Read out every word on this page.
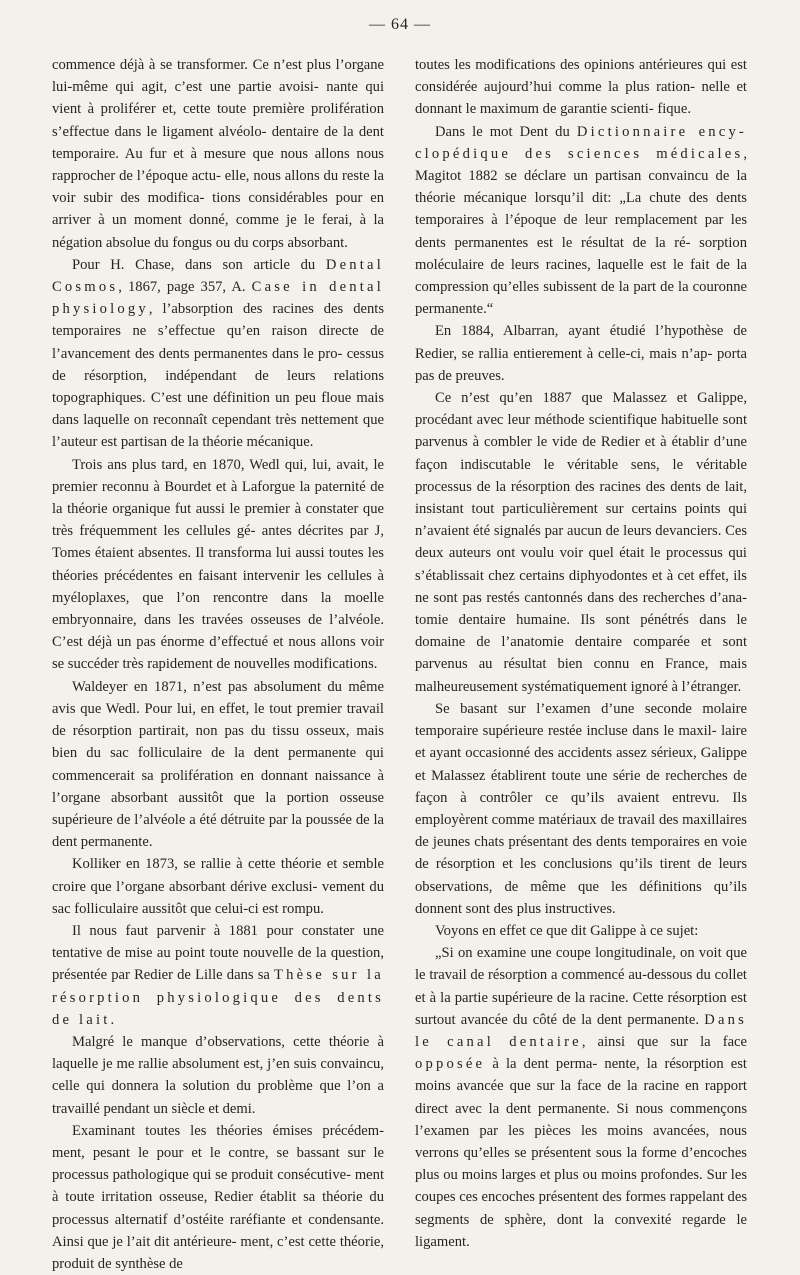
— 64 —

commence déjà à se transformer. Ce n’est plus l’organe lui-même qui agit, c’est une partie avoisi- nante qui vient à proliférer et, cette toute première prolifération s’effectue dans le ligament alvéolo- dentaire de la dent temporaire. Au fur et à mesure que nous allons nous rapprocher de l’époque actu- elle, nous allons du reste la voir subir des modifica- tions considérables pour en arriver à un moment donné, comme je le ferai, à la négation absolue du fongus ou du corps absorbant.

Pour H. Chase, dans son article du Dental Cosmos, 1867, page 357, A. Case in dental physiology, l’absorption des racines des dents temporaires ne s’effectue qu’en raison directe de l’avancement des dents permanentes dans le pro- cessus de résorption, indépendant de leurs relations topographiques. C’est une définition un peu floue mais dans laquelle on reconnaît cependant très nettement que l’auteur est partisan de la théorie mécanique.

Trois ans plus tard, en 1870, Wedl qui, lui, avait, le premier reconnu à Bourdet et à Laforgue la paternité de la théorie organique fut aussi le premier à constater que très fréquemment les cellules gé- antes décrites par J, Tomes étaient absentes. Il transforma lui aussi toutes les théories précédentes en faisant intervenir les cellules à myéloplaxes, que l’on rencontre dans la moelle embryonnaire, dans les travées osseuses de l’alvéole. C’est déjà un pas énorme d’effectué et nous allons voir se succéder très rapidement de nouvelles modifications.

Waldeyer en 1871, n’est pas absolument du même avis que Wedl. Pour lui, en effet, le tout premier travail de résorption partirait, non pas du tissu osseux, mais bien du sac folliculaire de la dent permanente qui commencerait sa prolifération en donnant naissance à l’organe absorbant aussitôt que la portion osseuse supérieure de l’alvéole a été détruite par la poussée de la dent permanente.

Kolliker en 1873, se rallie à cette théorie et semble croire que l’organe absorbant dérive exclusi- vement du sac folliculaire aussitôt que celui-ci est rompu.

Il nous faut parvenir à 1881 pour constater une tentative de mise au point toute nouvelle de la question, présentée par Redier de Lille dans sa Thèse sur la résorption physiologique des dents de lait.

Malgré le manque d’observations, cette théorie à laquelle je me rallie absolument est, j’en suis convaincu, celle qui donnera la solution du problème que l’on a travaillé pendant un siècle et demi.

Examinant toutes les théories émises précédem- ment, pesant le pour et le contre, se bassant sur le processus pathologique qui se produit consécutive- ment à toute irritation osseuse, Redier établit sa théorie du processus alternatif d’ostéite raréfiante et condensante. Ainsi que je l’ait dit antérieure- ment, c’est cette théorie, produit de synthèse de

toutes les modifications des opinions antérieures qui est considérée aujourd’hui comme la plus ration- nelle et donnant le maximum de garantie scienti- fique.

Dans le mot Dent du Dictionnaire ency- clopédique des sciences médicales, Magitot 1882 se déclare un partisan convaincu de la théorie mécanique lorsqu’il dit: „La chute des dents temporaires à l’époque de leur remplacement par les dents permanentes est le résultat de la ré- sorption moléculaire de leurs racines, laquelle est le fait de la compression qu’elles subissent de la part de la couronne permanente.“

En 1884, Albarran, ayant étudié l’hypothèse de Redier, se rallia entierement à celle-ci, mais n’ap- porta pas de preuves.

Ce n’est qu’en 1887 que Malassez et Galippe, procédant avec leur méthode scientifique habituelle sont parvenus à combler le vide de Redier et à établir d’une façon indiscutable le véritable sens, le véritable processus de la résorption des racines des dents de lait, insistant tout particulièrement sur certains points qui n’avaient été signalés par aucun de leurs devanciers. Ces deux auteurs ont voulu voir quel était le processus qui s’établissait chez certains diphyodontes et à cet effet, ils ne sont pas restés cantonnés dans des recherches d’ana- tomie dentaire humaine. Ils sont pénétrés dans le domaine de l’anatomie dentaire comparée et sont parvenus au résultat bien connu en France, mais malheureusement systématiquement ignoré à l’étranger.

Se basant sur l’examen d’une seconde molaire temporaire supérieure restée incluse dans le maxil- laire et ayant occasionné des accidents assez sérieux, Galippe et Malassez établirent toute une série de recherches de façon à contrôler ce qu’ils avaient entrevu. Ils employèrent comme matériaux de travail des maxillaires de jeunes chats présentant des dents temporaires en voie de résorption et les conclusions qu’ils tirent de leurs observations, de même que les définitions qu’ils donnent sont des plus instructives.

Voyons en effet ce que dit Galippe à ce sujet:

„Si on examine une coupe longitudinale, on voit que le travail de résorption a commencé au-dessous du collet et à la partie supérieure de la racine. Cette résorption est surtout avancée du côté de la dent permanente. Dans le canal dentaire, ainsi que sur la face opposée à la dent perma- nente, la résorption est moins avancée que sur la face de la racine en rapport direct avec la dent permanente. Si nous commençons l’examen par les pièces les moins avancées, nous verrons qu’elles se présentent sous la forme d’encoches plus ou moins larges et plus ou moins profondes. Sur les coupes ces encoches présentent des formes rappelant des segments de sphère, dont la convexité regarde le ligament.
